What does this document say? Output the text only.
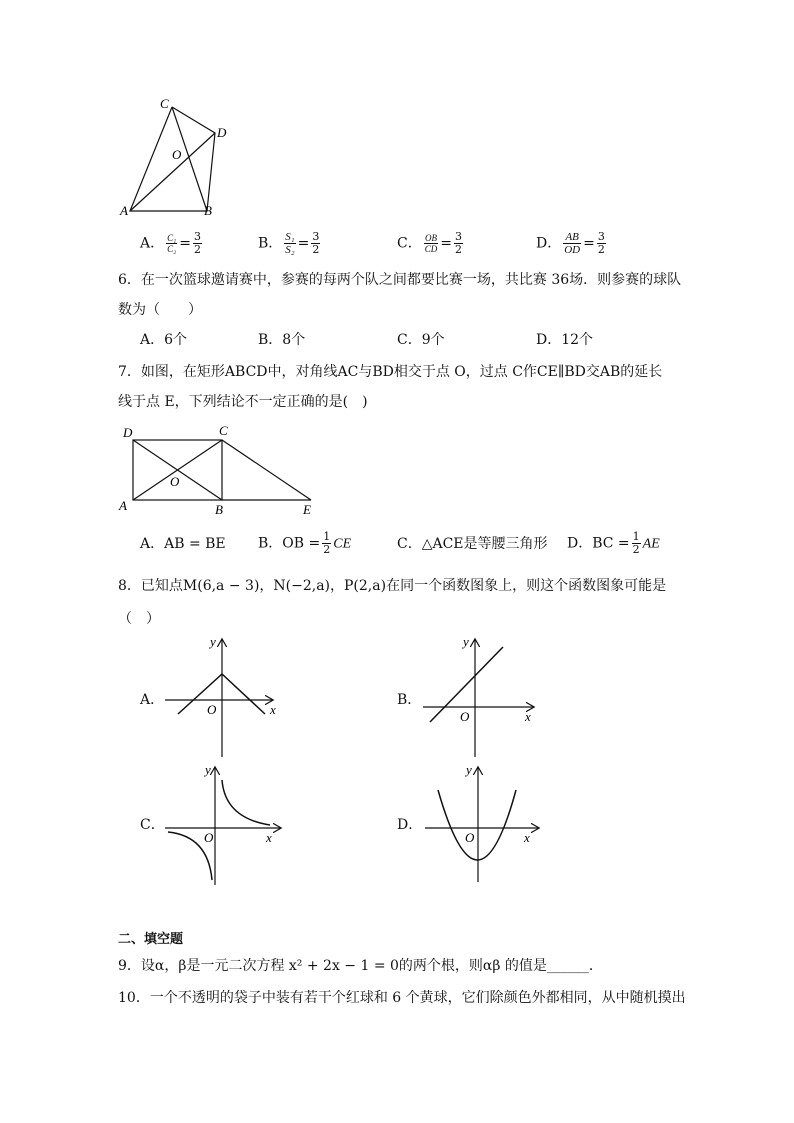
C
D
O
A	B
A． $\frac{\text{C₁}}{\text{C₂}} = \frac{3}{2}$	B． $\frac{\text{S₁}}{\text{S₂}} = \frac{3}{2}$	C． $\frac{OB}{CD} = \frac{3}{2}$	D． $\frac{AB}{OD} = \frac{3}{2}$
6．在一次篮球邀请赛中，参赛的每两个队之间都要比赛一场，共比赛 36场．则参赛的球队
数为（　　）
A．6个	B．8个	C．9个	D．12个
7．如图，在矩形ABCD中，对角线AC与BD相交于点 O，过点 C作CE∥BD交AB的延长
线于点 E，下列结论不一定正确的是(　)
D	C
O
A	B	E
A．AB = BE B．OB = $\frac{1}{2}$ CE	C．△ACE是等腰三角形 D．BC = $\frac{1}{2}$ AE
8．已知点M(6,a − 3)，N(−2,a)，P(2,a)在同一个函数图象上，则这个函数图象可能是
（　）
A．
y
x
O
B．
y
x
O
C．
y
x
O
D．
y
x
O
二、填空题
9．设α，β是一元二次方程 x² + 2x − 1 = 0的两个根，则αβ 的值是______．
10．一个不透明的袋子中装有若干个红球和 6 个黄球，它们除颜色外都相同，从中随机摸出
